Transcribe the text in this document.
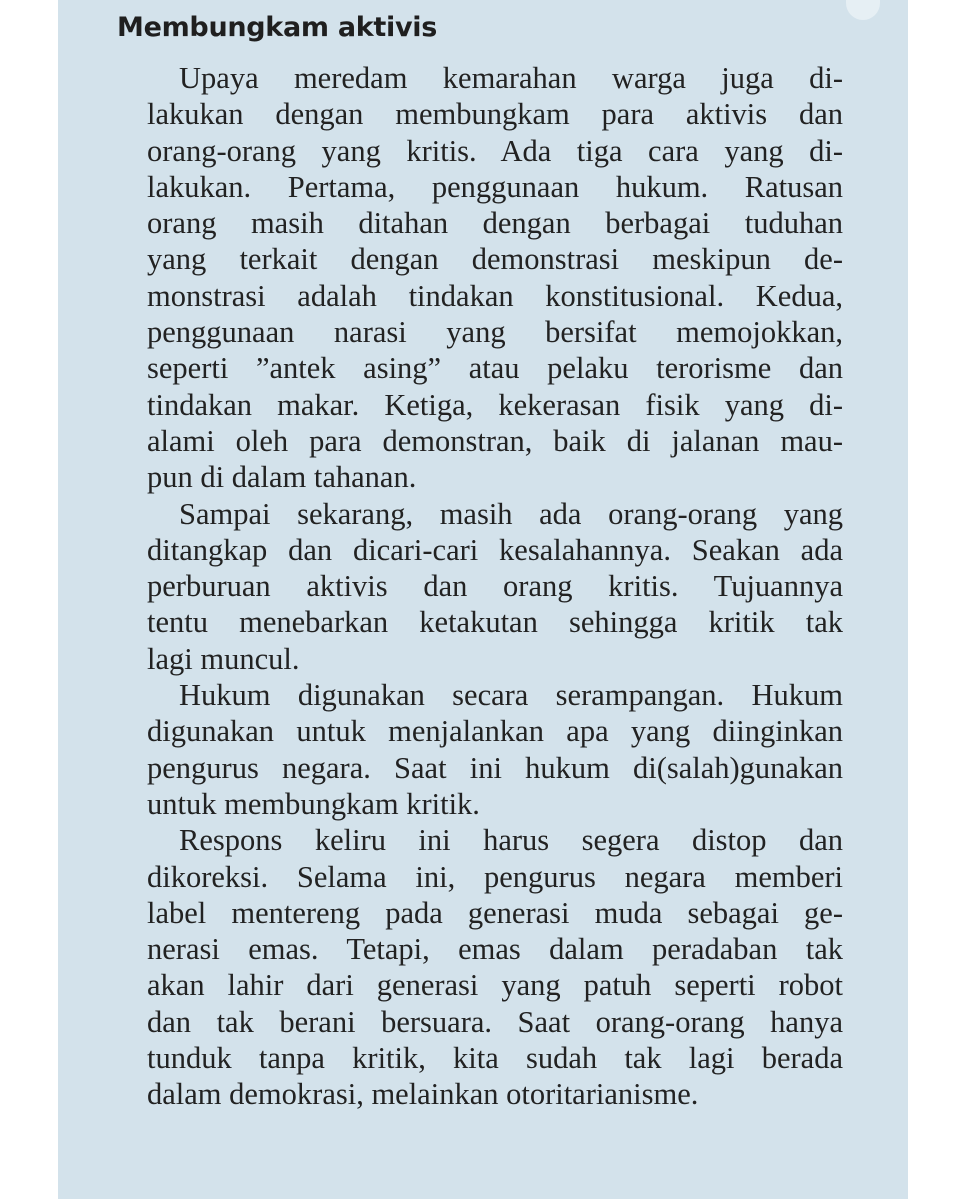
Membungkam aktivis
Upaya meredam kemarahan warga juga di-
lakukan dengan membungkam para aktivis dan
orang-orang yang kritis. Ada tiga cara yang di-
lakukan. Pertama, penggunaan hukum. Ratusan
orang masih ditahan dengan berbagai tuduhan
yang terkait dengan demonstrasi meskipun de-
monstrasi adalah tindakan konstitusional. Kedua,
penggunaan narasi yang bersifat memojokkan,
seperti ”antek asing” atau pelaku terorisme dan
tindakan makar. Ketiga, kekerasan fisik yang di-
alami oleh para demonstran, baik di jalanan mau-
pun di dalam tahanan.
Sampai sekarang, masih ada orang-orang yang
ditangkap dan dicari-cari kesalahannya. Seakan ada
perburuan aktivis dan orang kritis. Tujuannya
tentu menebarkan ketakutan sehingga kritik tak
lagi muncul.
Hukum digunakan secara serampangan. Hukum
digunakan untuk menjalankan apa yang diinginkan
pengurus negara. Saat ini hukum di(salah)gunakan
untuk membungkam kritik.
Respons keliru ini harus segera distop dan
dikoreksi. Selama ini, pengurus negara memberi
label mentereng pada generasi muda sebagai ge-
nerasi emas. Tetapi, emas dalam peradaban tak
akan lahir dari generasi yang patuh seperti robot
dan tak berani bersuara. Saat orang-orang hanya
tunduk tanpa kritik, kita sudah tak lagi berada
dalam demokrasi, melainkan otoritarianisme.
